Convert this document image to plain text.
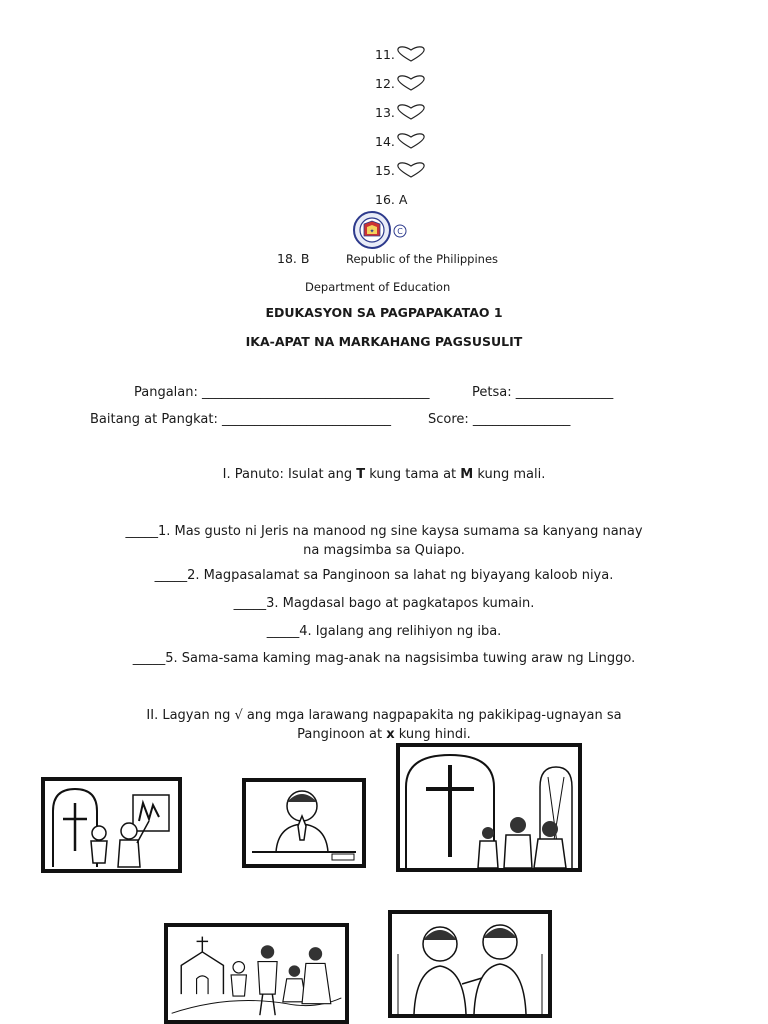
11.
12.
13.
14.
15.
16. A
✦	C
18. B	Republic of the Philippines
Department of Education
EDUKASYON SA PAGPAPAKATAO 1
IKA-APAT NA MARKAHANG PAGSUSULIT
Pangalan: ___________________________________	Petsa: _______________
Baitang at Pangkat: __________________________	Score: _______________
I. Panuto: Isulat ang T kung tama at M kung mali.
_____1. Mas gusto ni Jeris na manood ng sine kaysa sumama sa kanyang nanay
na magsimba sa Quiapo.
_____2. Magpasalamat sa Panginoon sa lahat ng biyayang kaloob niya.
_____3. Magdasal bago at pagkatapos kumain.
_____4. Igalang ang relihiyon ng iba.
_____5. Sama-sama kaming mag-anak na nagsisimba tuwing araw ng Linggo.
II. Lagyan ng √ ang mga larawang nagpapakita ng pakikipag-ugnayan sa
Panginoon at x kung hindi.
